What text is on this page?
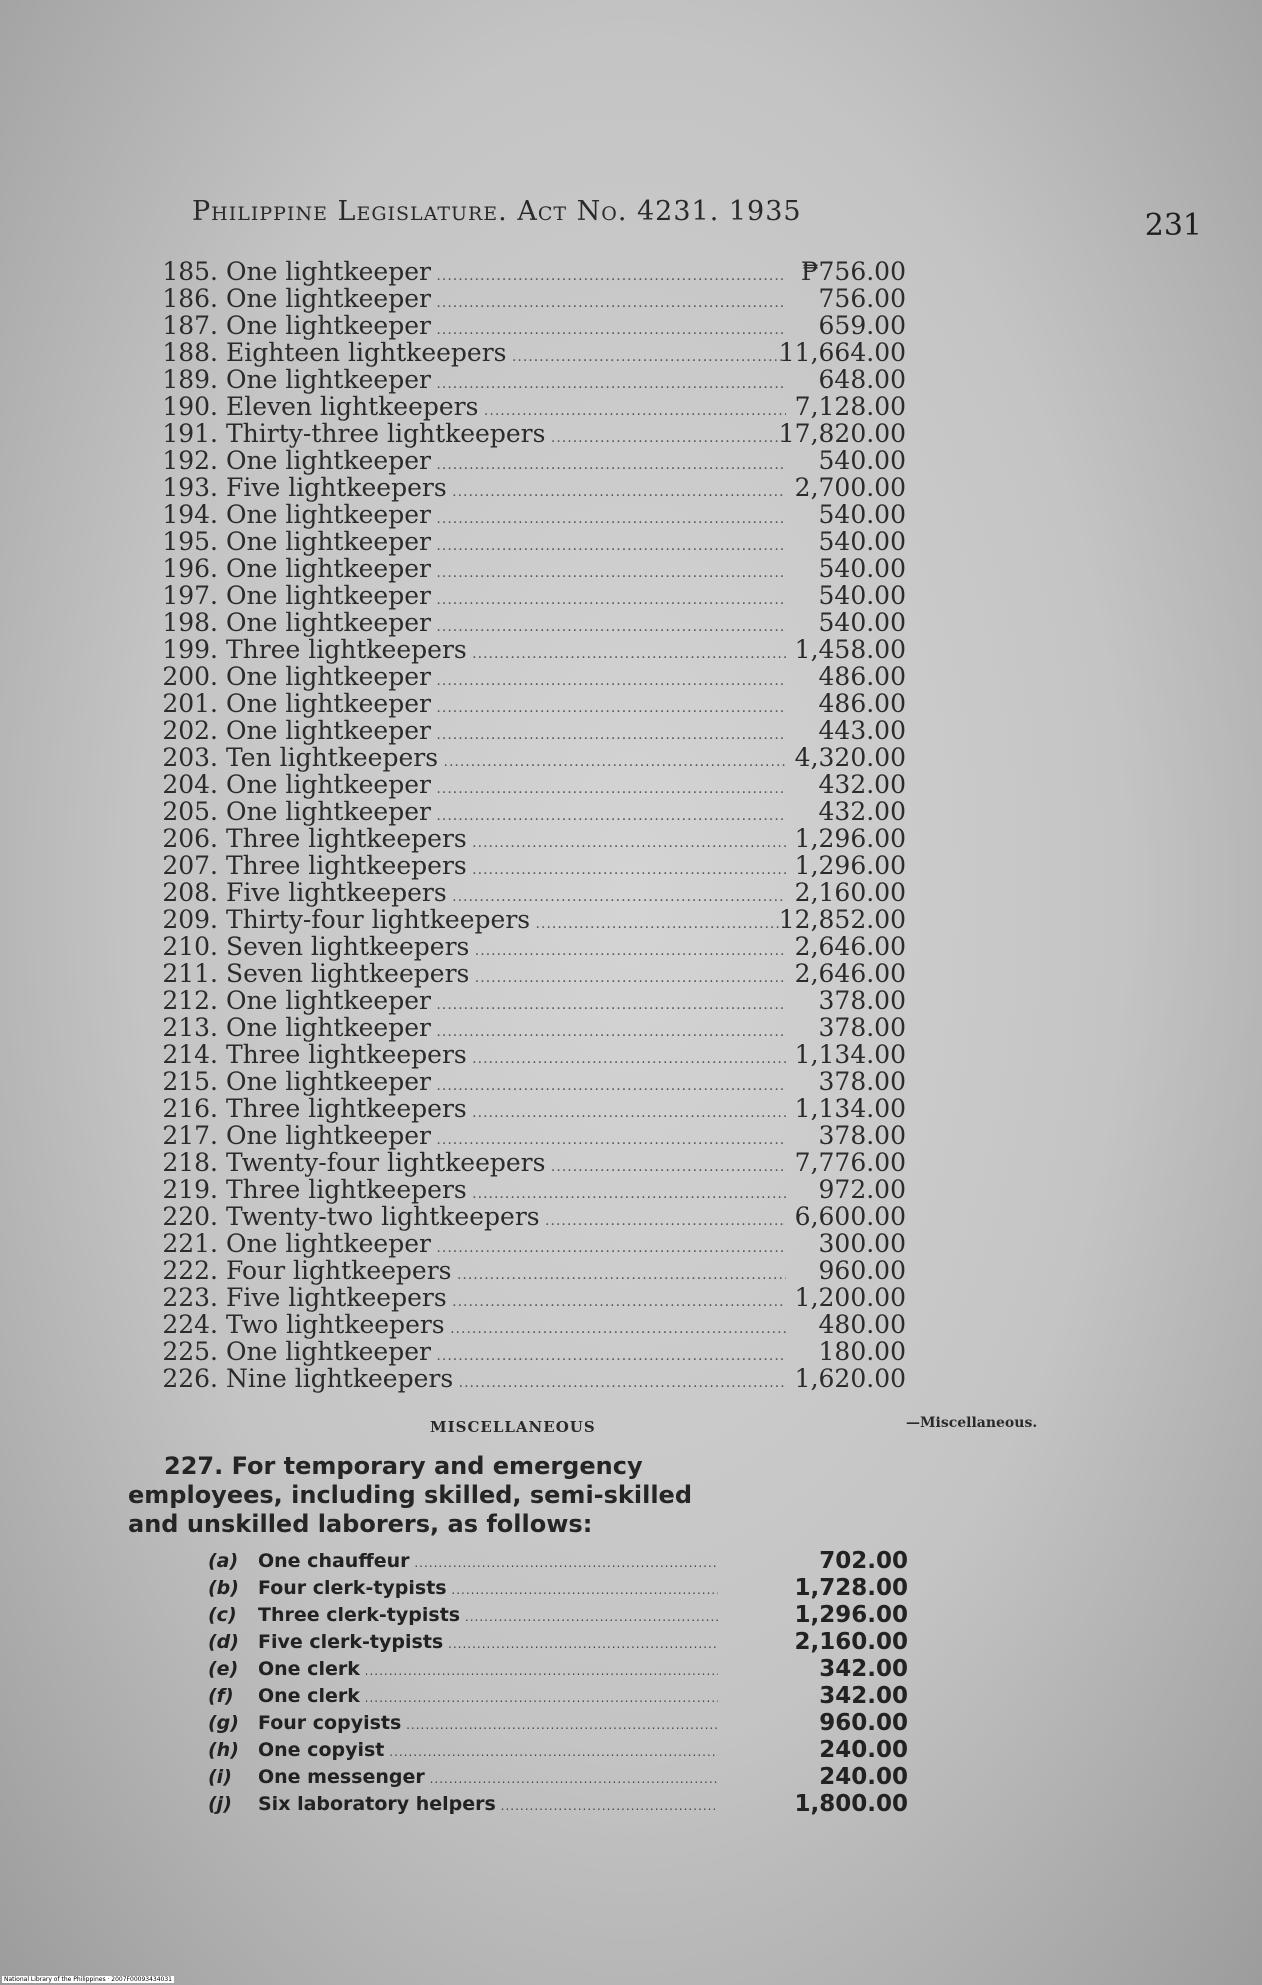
Philippine Legislature. Act No. 4231. 1935	231
185. One lightkeeper .....	₱756.00
186. One lightkeeper .....	756.00
187. One lightkeeper .....	659.00
188. Eighteen lightkeepers .....	11,664.00
189. One lightkeeper .....	648.00
190. Eleven lightkeepers .....	7,128.00
191. Thirty-three lightkeepers .....	17,820.00
192. One lightkeeper .....	540.00
193. Five lightkeepers .....	2,700.00
194. One lightkeeper .....	540.00
195. One lightkeeper .....	540.00
196. One lightkeeper .....	540.00
197. One lightkeeper .....	540.00
198. One lightkeeper .....	540.00
199. Three lightkeepers .....	1,458.00
200. One lightkeeper .....	486.00
201. One lightkeeper .....	486.00
202. One lightkeeper .....	443.00
203. Ten lightkeepers .....	4,320.00
204. One lightkeeper .....	432.00
205. One lightkeeper .....	432.00
206. Three lightkeepers .....	1,296.00
207. Three lightkeepers .....	1,296.00
208. Five lightkeepers .....	2,160.00
209. Thirty-four lightkeepers .....	12,852.00
210. Seven lightkeepers .....	2,646.00
211. Seven lightkeepers .....	2,646.00
212. One lightkeeper .....	378.00
213. One lightkeeper .....	378.00
214. Three lightkeepers .....	1,134.00
215. One lightkeeper .....	378.00
216. Three lightkeepers .....	1,134.00
217. One lightkeeper .....	378.00
218. Twenty-four lightkeepers .....	7,776.00
219. Three lightkeepers .....	972.00
220. Twenty-two lightkeepers .....	6,600.00
221. One lightkeeper .....	300.00
222. Four lightkeepers .....	960.00
223. Five lightkeepers .....	1,200.00
224. Two lightkeepers .....	480.00
225. One lightkeeper .....	180.00
226. Nine lightkeepers .....	1,620.00
MISCELLANEOUS	—Miscellaneous.
227. For temporary and emergency employees, including skilled, semi-skilled and unskilled laborers, as follows:
(a)	One chauffeur .....	702.00
(b)	Four clerk-typists .....	1,728.00
(c)	Three clerk-typists .....	1,296.00
(d)	Five clerk-typists .....	2,160.00
(e)	One clerk .....	342.00
(f)	One clerk .....	342.00
(g)	Four copyists .....	960.00
(h)	One copyist .....	240.00
(i)	One messenger .....	240.00
(j)	Six laboratory helpers .....	1,800.00
National Library of the Philippines · 2007F00093434031
